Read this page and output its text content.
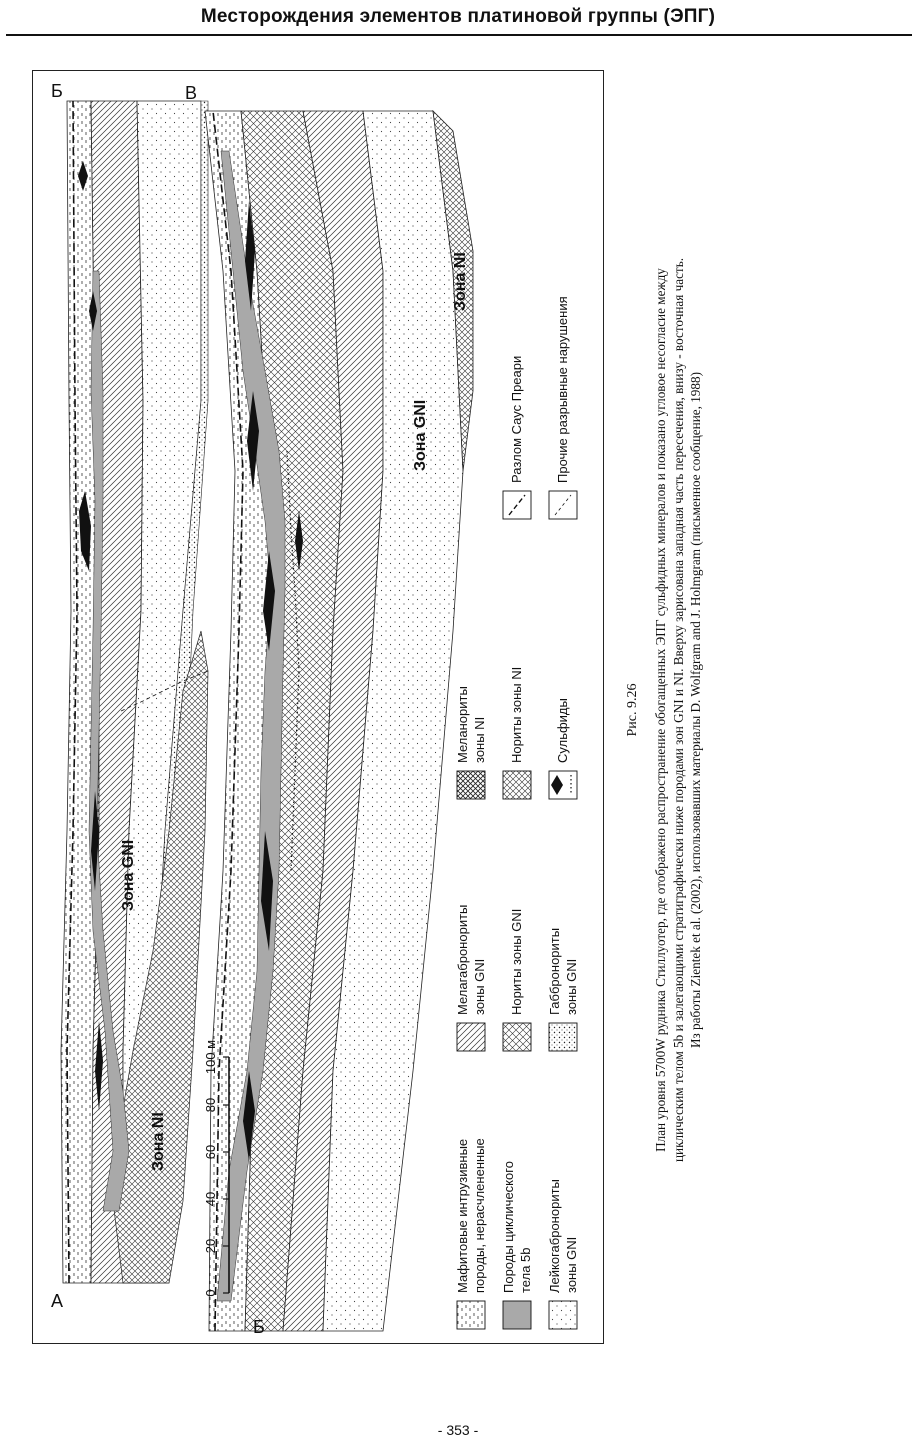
Месторождения элементов платиновой группы (ЭПГ)
А
Б
Зона NI
Зона GNI
В
Б
Зона GNI
Зона NI
0
20
40
60
80
100 м
Мафитовые интрузивные породы, нерасчлененные Породы циклического тела 5b Лейкогабронориты зоны GNI
Мелагабронориты зоны GNI Нориты зоны GNI Габбронориты зоны GNI
Меланориты зоны NI Нориты зоны NI Сульфиды
Разлом Саус Преари Прочие разрывные нарушения
Рис. 9.26 План уровня 5700W рудника Стиллуотер, где отображено распространение обогащенных ЭПГ сульфидных минералов и показано угловое несогласие между циклическим телом 5b и залегающими стратиграфически ниже породами зон GNI и NI. Вверху зарисована западная часть пересечения, внизу - восточная часть. Из работы Zientek et al. (2002), использовавших материалы D. Wolfgram and J. Holmgram (письменное сообщение, 1988)
- 353 -
